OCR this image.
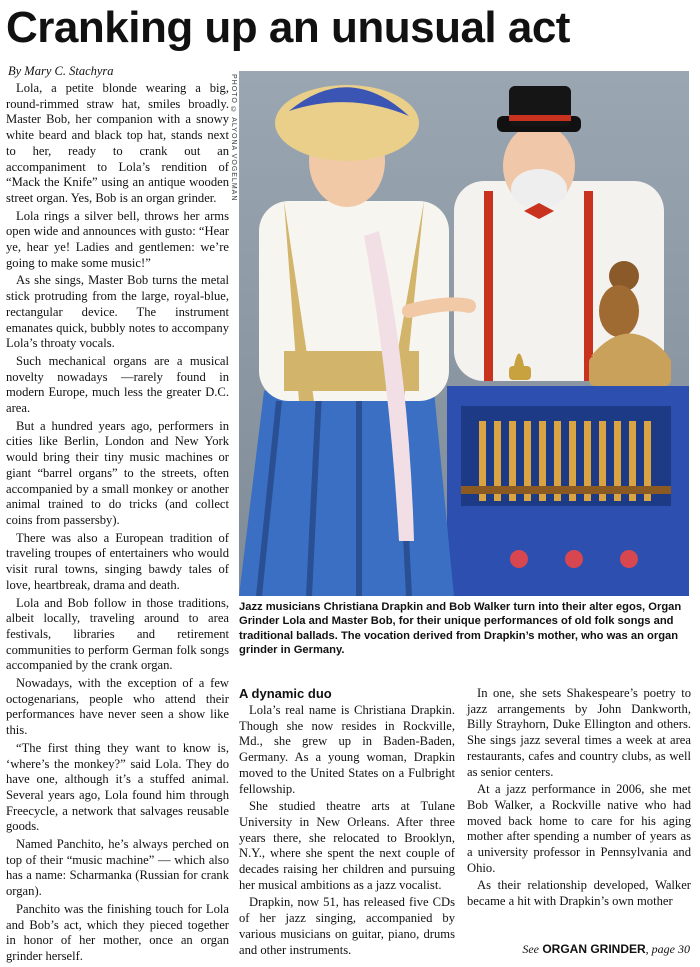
Cranking up an unusual act
By Mary C. Stachyra

Lola, a petite blonde wearing a big, round-rimmed straw hat, smiles broadly. Master Bob, her companion with a snowy white beard and black top hat, stands next to her, ready to crank out an accompaniment to Lola’s rendition of “Mack the Knife” using an antique wooden street organ. Yes, Bob is an organ grinder.

Lola rings a silver bell, throws her arms open wide and announces with gusto: “Hear ye, hear ye! Ladies and gentlemen: we’re going to make some music!”

As she sings, Master Bob turns the metal stick protruding from the large, royal-blue, rectangular device. The instrument emanates quick, bubbly notes to accompany Lola’s throaty vocals.

Such mechanical organs are a musical novelty nowadays —rarely found in modern Europe, much less the greater D.C. area.

But a hundred years ago, performers in cities like Berlin, London and New York would bring their tiny music machines or giant “barrel organs” to the streets, often accompanied by a small monkey or another animal trained to do tricks (and collect coins from passersby).

There was also a European tradition of traveling troupes of entertainers who would visit rural towns, singing bawdy tales of love, heartbreak, drama and death.

Lola and Bob follow in those traditions, albeit locally, traveling around to area festivals, libraries and retirement communities to perform German folk songs accompanied by the crank organ.

Nowadays, with the exception of a few octogenarians, people who attend their performances have never seen a show like this.

“The first thing they want to know is, ‘where’s the monkey?” said Lola. They do have one, although it’s a stuffed animal. Several years ago, Lola found him through Freecycle, a network that salvages reusable goods.

Named Panchito, he’s always perched on top of their “music machine” — which also has a name: Scharmanka (Russian for crank organ).

Panchito was the finishing touch for Lola and Bob’s act, which they pieced together in honor of her mother, once an organ grinder herself.

PHOTO © ALYONA VOGELMAN
Jazz musicians Christiana Drapkin and Bob Walker turn into their alter egos, Organ Grinder Lola and Master Bob, for their unique performances of old folk songs and traditional ballads. The vocation derived from Drapkin’s mother, who was an organ grinder in Germany.

A dynamic duo

Lola’s real name is Christiana Drapkin. Though she now resides in Rockville, Md., she grew up in Baden-Baden, Germany. As a young woman, Drapkin moved to the United States on a Fulbright fellowship.

She studied theatre arts at Tulane University in New Orleans. After three years there, she relocated to Brooklyn, N.Y., where she spent the next couple of decades raising her children and pursuing her musical ambitions as a jazz vocalist.

Drapkin, now 51, has released five CDs of her jazz singing, accompanied by various musicians on guitar, piano, drums and other instruments.

In one, she sets Shakespeare’s poetry to jazz arrangements by John Dankworth, Billy Strayhorn, Duke Ellington and others. She sings jazz several times a week at area restaurants, cafes and country clubs, as well as senior centers.

At a jazz performance in 2006, she met Bob Walker, a Rockville native who had moved back home to care for his aging mother after spending a number of years as a university professor in Pennsylvania and Ohio.

As their relationship developed, Walker became a hit with Drapkin’s own mother

See ORGAN GRINDER, page 30
